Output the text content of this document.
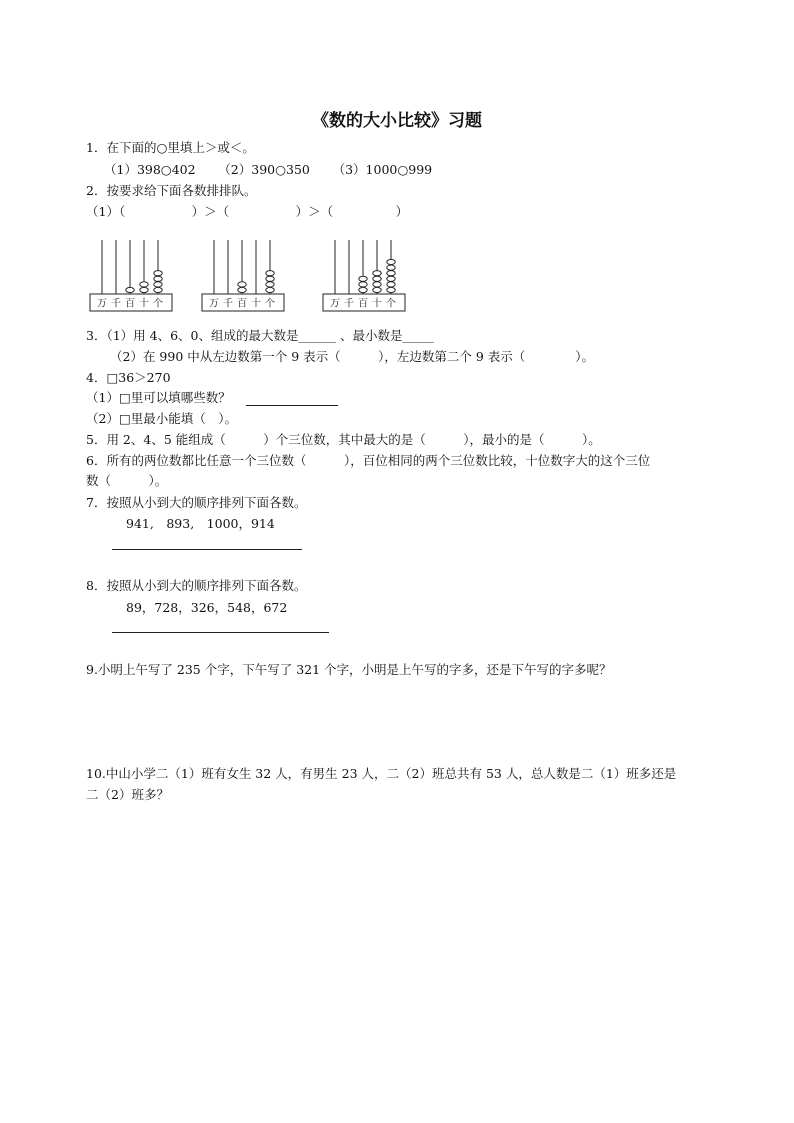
《数的大小比较》习题
1．在下面的○里填上＞或＜。
（1）398○402 　　（2）390○350 　　（3）1000○999
2．按要求给下面各数排排队。
（1）（　　　　　 ）＞（　　　　　 ）＞（　　　　　）
万 千 百 十 个	万 千 百 十 个	万 千 百 十 个
3．（1）用 4、6、0、组成的最大数是______ 、最小数是_____
（2）在 990 中从左边数第一个 9 表示（　　　），左边数第二个 9 表示（　　　　）。
4．□36＞270
（1）□里可以填哪些数？
（2）□里最小能填（　）。
5．用 2、4、5 能组成（　　　）个三位数，其中最大的是（　　　），最小的是（　　　）。
6．所有的两位数都比任意一个三位数（　　　），百位相同的两个三位数比较，十位数字大的这个三位
数（　　　）。
7．按照从小到大的顺序排列下面各数。
941,　893,　1000，914
8．按照从小到大的顺序排列下面各数。
89，728，326，548，672
9.小明上午写了 235 个字，下午写了 321 个字，小明是上午写的字多，还是下午写的字多呢？
10.中山小学二（1）班有女生 32 人，有男生 23 人，二（2）班总共有 53 人，总人数是二（1）班多还是
二（2）班多？
